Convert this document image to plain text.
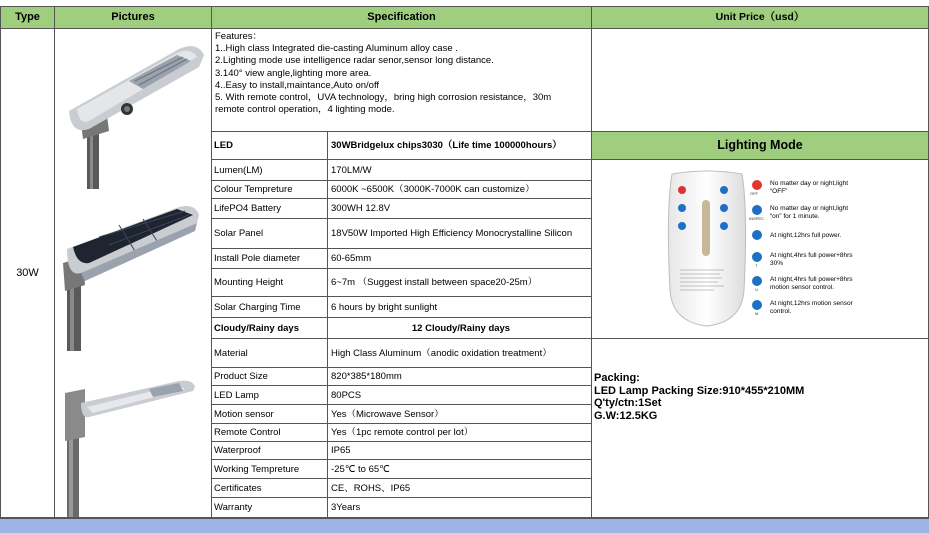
Type	Pictures	Specification	Unit Price（usd）
30W
Features：
1..High class Integrated die-casting Aluminum alloy case .
2.Lighting mode use intelligence radar senor,sensor long distance.
3.140° view angle,lighting more area.
4..Easy to install,maintance,Auto on/off
5. With remote control，UVA technology，bring high corrosion resistance，30m
remote control operation，4 lighting mode.
LED	30WBridgelux chips3030（Life time 100000hours）
Lumen(LM)	170LM/W
Colour Tempreture	6000K ~6500K（3000K-7000K can customize）
LifePO4 Battery	300WH 12.8V
Solar Panel	18V50W Imported High Efficiency Monocrystalline Silicon
Install Pole diameter	60-65mm
Mounting Height	6~7m （Suggest install between space20-25m）
Solar Charging Time	6 hours by bright sunlight
Cloudy/Rainy days	12 Cloudy/Rainy days
Material	High Class Aluminum（anodic oxidation treatment）
Product Size	820*385*180mm
LED Lamp	80PCS
Motion sensor	Yes（Microwave Sensor）
Remote Control	Yes（1pc remote control per lot）
Waterproof	IP65
Working Tempreture	-25℃ to 65℃
Certificates	CE、ROHS、IP65
Warranty	3Years
Lighting Mode
OFF
No matter day or night,light
“OFF”
INSPEC
No matter day or night,light
“on” for 1 minute.
At night,12hrs full power.
T
At night,4hrs full power+8hrs
30%
U
At night,4hrs full power+8hrs
motion sensor control.
M
At night,12hrs motion sensor
control.
Packing:
LED Lamp Packing Size:910*455*210MM
Q'ty/ctn:1Set
G.W:12.5KG
